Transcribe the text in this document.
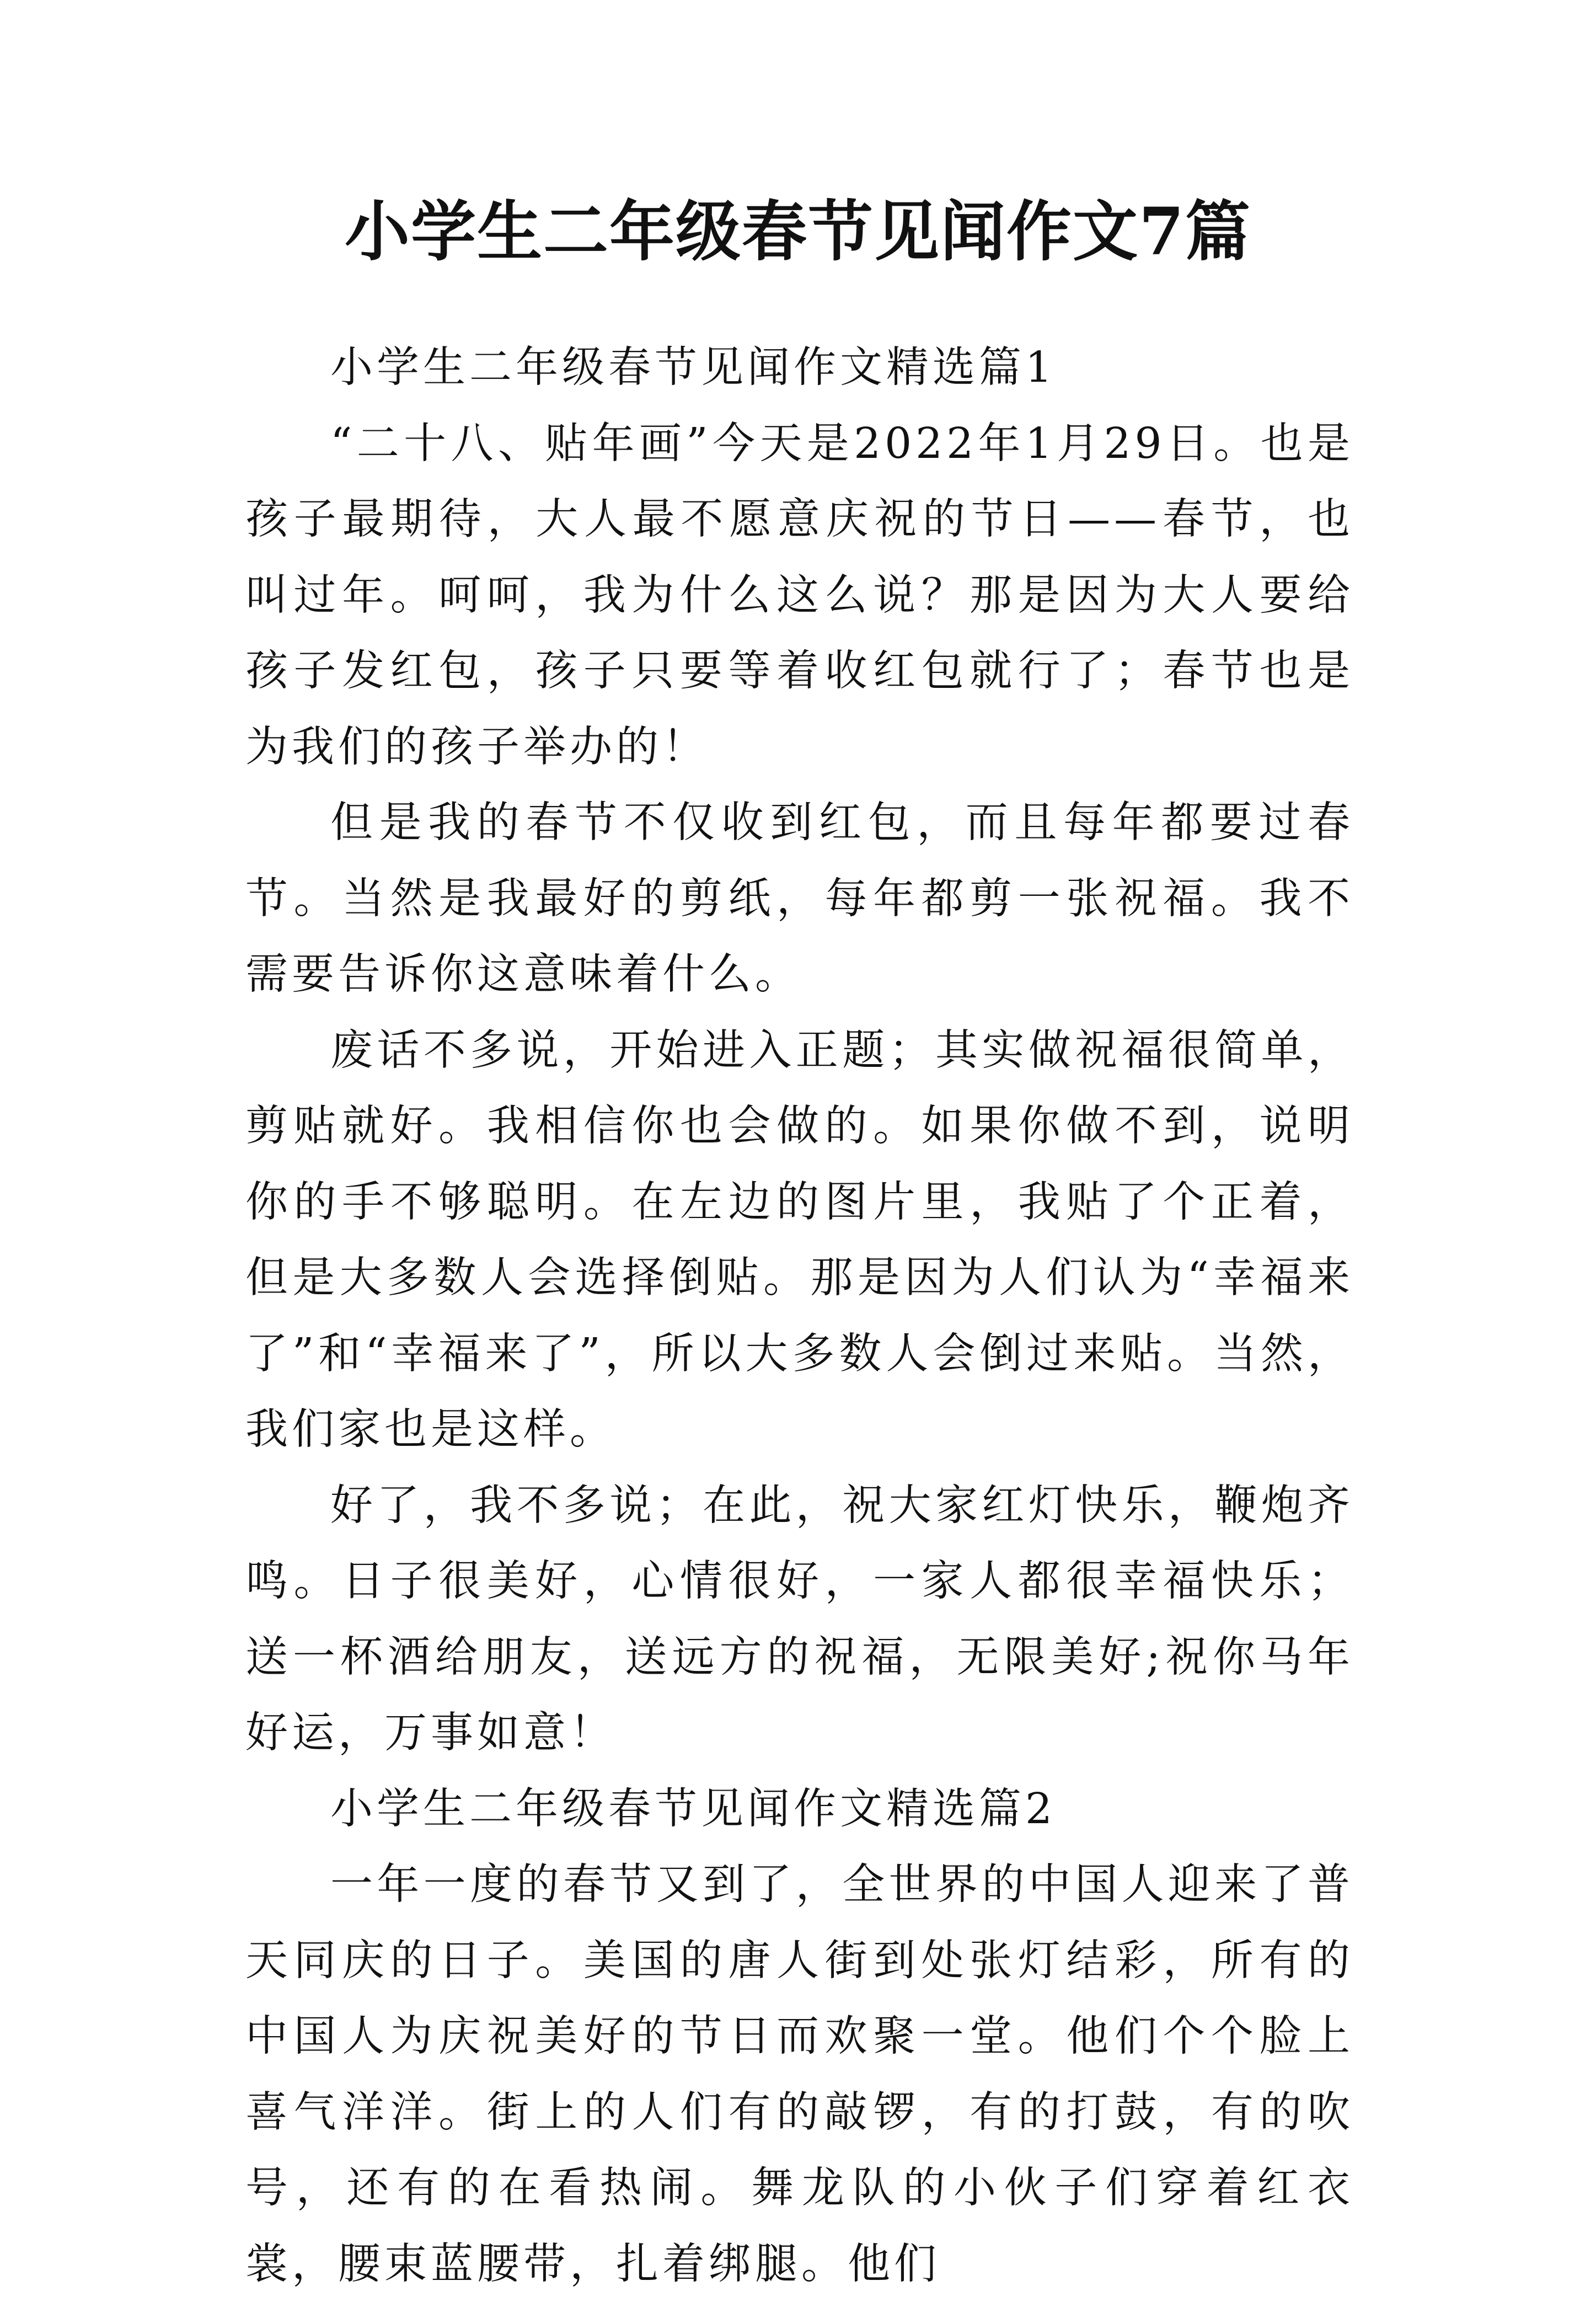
小学生二年级春节见闻作文7篇

小学生二年级春节见闻作文精选篇1

“二十八、贴年画”今天是2022年1月29日。也是孩子最期待，大人最不愿意庆祝的节日——春节，也叫过年。呵呵，我为什么这么说？那是因为大人要给孩子发红包，孩子只要等着收红包就行了；春节也是为我们的孩子举办的！

但是我的春节不仅收到红包，而且每年都要过春节。当然是我最好的剪纸，每年都剪一张祝福。我不需要告诉你这意味着什么。

废话不多说，开始进入正题；其实做祝福很简单，剪贴就好。我相信你也会做的。如果你做不到，说明你的手不够聪明。在左边的图片里，我贴了个正着，但是大多数人会选择倒贴。那是因为人们认为“幸福来了”和“幸福来了”，所以大多数人会倒过来贴。当然，我们家也是这样。

好了，我不多说；在此，祝大家红灯快乐，鞭炮齐鸣。日子很美好，心情很好，一家人都很幸福快乐；送一杯酒给朋友，送远方的祝福，无限美好;祝你马年好运，万事如意！

小学生二年级春节见闻作文精选篇2

一年一度的春节又到了，全世界的中国人迎来了普天同庆的日子。美国的唐人街到处张灯结彩，所有的中国人为庆祝美好的节日而欢聚一堂。他们个个脸上喜气洋洋。街上的人们有的敲锣，有的打鼓，有的吹号，还有的在看热闹。舞龙队的小伙子们穿着红衣裳，腰束蓝腰带，扎着绑腿。他们
